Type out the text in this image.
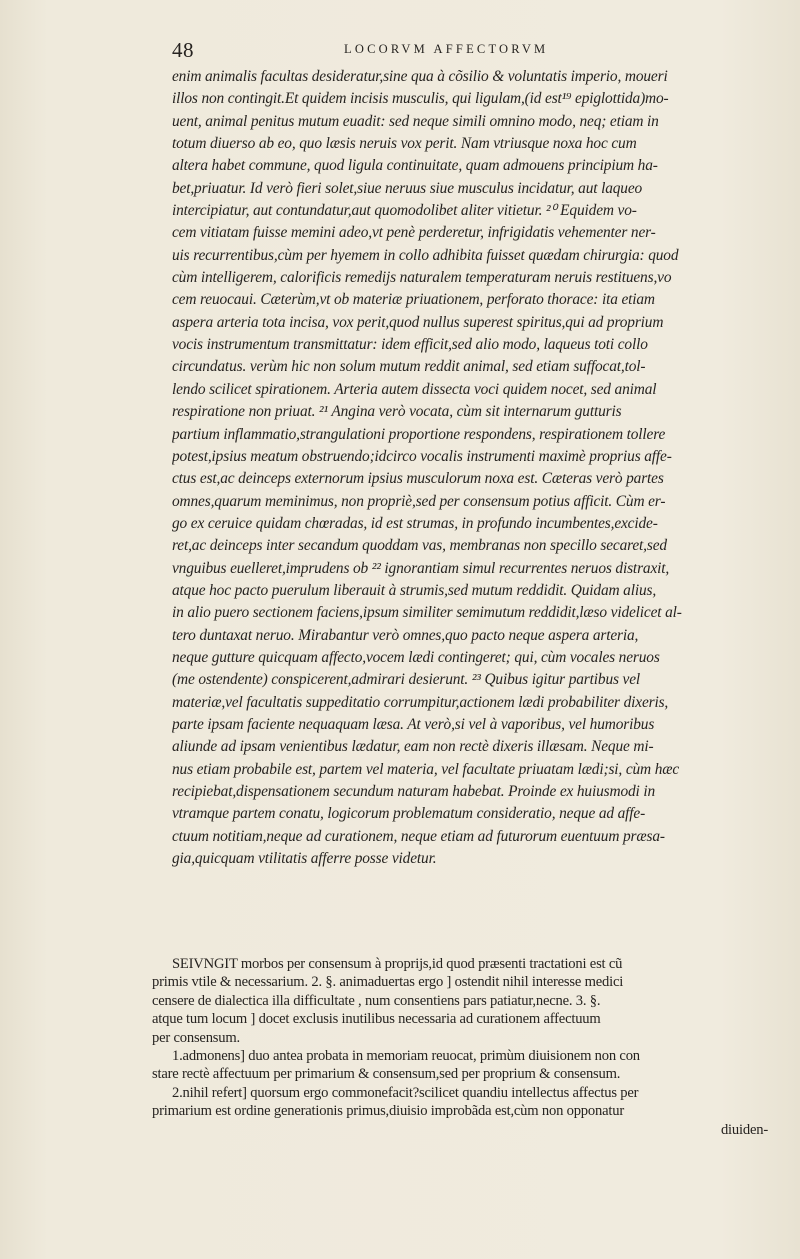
48	LOCORVM AFFECTORVM
enim animalis facultas desideratur,sine qua à cõsilio & voluntatis imperio, moueri
illos non contingit.Et quidem incisis musculis, qui ligulam,(id est¹⁹ epiglottida)mo-
uent, animal penitus mutum euadit: sed neque simili omnino modo, neq; etiam in
totum diuerso ab eo, quo læsis neruis vox perit. Nam vtriusque noxa hoc cum
altera habet commune, quod ligula continuitate, quam admouens principium ha-
bet,priuatur. Id verò fieri solet,siue neruus siue musculus incidatur, aut laqueo
intercipiatur, aut contundatur,aut quomodolibet aliter vitietur. ²⁰ Equidem vo-
cem vitiatam fuisse memini adeo,vt penè perderetur, infrigidatis vehementer ner-
uis recurrentibus,cùm per hyemem in collo adhibita fuisset quædam chirurgia: quod
cùm intelligerem, calorificis remedijs naturalem temperaturam neruis restituens,vo
cem reuocaui. Cæterùm,vt ob materiæ priuationem, perforato thorace: ita etiam
aspera arteria tota incisa, vox perit,quod nullus superest spiritus,qui ad proprium
vocis instrumentum transmittatur: idem efficit,sed alio modo, laqueus toti collo
circundatus. verùm hic non solum mutum reddit animal, sed etiam suffocat,tol-
lendo scilicet spirationem. Arteria autem dissecta voci quidem nocet, sed animal
respiratione non priuat. ²¹ Angina verò vocata, cùm sit internarum gutturis
partium inflammatio,strangulationi proportione respondens, respirationem tollere
potest,ipsius meatum obstruendo;idcirco vocalis instrumenti maximè proprius affe-
ctus est,ac deinceps externorum ipsius musculorum noxa est. Cæteras verò partes
omnes,quarum meminimus, non propriè,sed per consensum potius afficit. Cùm er-
go ex ceruice quidam chœradas, id est strumas, in profundo incumbentes,excide-
ret,ac deinceps inter secandum quoddam vas, membranas non specillo secaret,sed
vnguibus euelleret,imprudens ob ²² ignorantiam simul recurrentes neruos distraxit,
atque hoc pacto puerulum liberauit à strumis,sed mutum reddidit. Quidam alius,
in alio puero sectionem faciens,ipsum similiter semimutum reddidit,læso videlicet al-
tero duntaxat neruo. Mirabantur verò omnes,quo pacto neque aspera arteria,
neque gutture quicquam affecto,vocem lædi contingeret; qui, cùm vocales neruos
(me ostendente) conspicerent,admirari desierunt. ²³ Quibus igitur partibus vel
materiæ,vel facultatis suppeditatio corrumpitur,actionem lædi probabiliter dixeris,
parte ipsam faciente nequaquam læsa. At verò,si vel à vaporibus, vel humoribus
aliunde ad ipsam venientibus lædatur, eam non rectè dixeris illæsam. Neque mi-
nus etiam probabile est, partem vel materia, vel facultate priuatam lædi;si, cùm hæc
recipiebat,dispensationem secundum naturam habebat. Proinde ex huiusmodi in
vtramque partem conatu, logicorum problematum consideratio, neque ad affe-
ctuum notitiam,neque ad curationem, neque etiam ad futurorum euentuum præsa-
gia,quicquam vtilitatis afferre posse videtur.
SEIVNGIT morbos per consensum à proprijs,id quod præsenti tractationi est cũ
primis vtile & necessarium. 2. §. animaduertas ergo ] ostendit nihil interesse medici
censere de dialectica illa difficultate , num consentiens pars patiatur,necne. 3. §.
atque tum locum ] docet exclusis inutilibus necessaria ad curationem affectuum
per consensum.
1.admonens] duo antea probata in memoriam reuocat, primùm diuisionem non con
stare rectè affectuum per primarium & consensum,sed per proprium & consensum.
2.nihil refert] quorsum ergo commonefacit?scilicet quandiu intellectus affectus per
primarium est ordine generationis primus,diuisio improbãda est,cùm non opponatur
diuiden-
